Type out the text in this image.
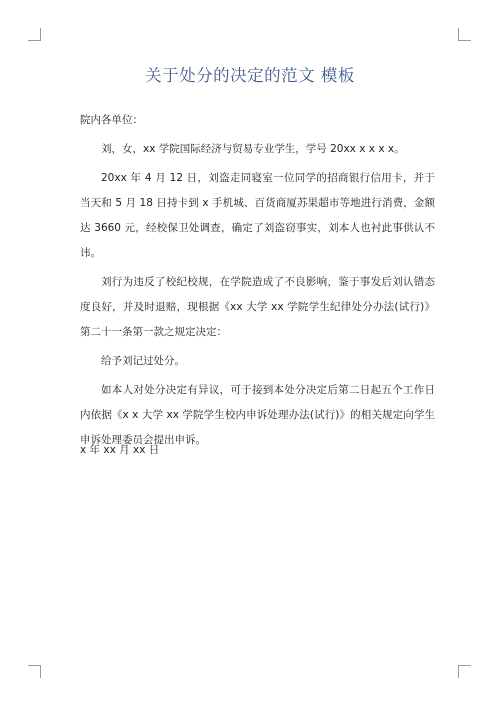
关于处分的决定的范文 模板

院内各单位：

刘，女，xx 学院国际经济与贸易专业学生，学号 20xx x x x x。

20xx 年 4 月 12 日，刘盗走同寝室一位同学的招商银行信用卡，并于当天和 5 月 18 日持卡到 x 手机城、百货商厦苏果超市等地进行消费，金额达 3660 元，经校保卫处调查，确定了刘盗窃事实，刘本人也衬此事供认不讳。

刘行为违反了校纪校规，在学院造成了不良影响，鉴于事发后刘认错态度良好，并及时退赔，现根据《xx 大学 xx 学院学生纪律处分办法(试行)》第二十一条第一款之规定决定：

给予刘记过处分。

如本人对处分决定有异议，可于接到本处分决定后第二日起五个工作日内依据《x x 大学 xx 学院学生校内申诉处理办法(试行)》的相关规定向学生申诉处理委员会提出申诉。

x 年 xx 月 xx 日
